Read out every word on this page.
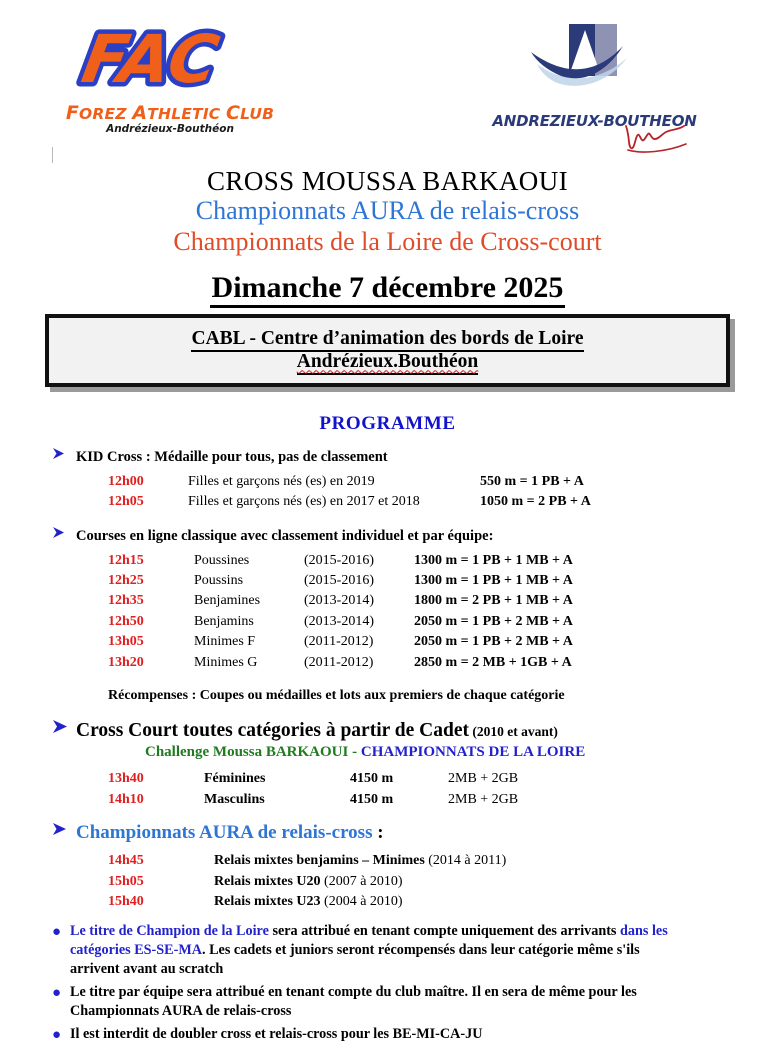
FAC
FOREZ ATHLETIC CLUB
Andrézieux-Bouthéon	ANDREZIEUX-BOUTHEON
CROSS MOUSSA BARKAOUI
Championnats AURA de relais-cross
Championnats de la Loire de Cross-court
Dimanche 7 décembre 2025
CABL - Centre d’animation des bords de Loire
Andrézieux.Bouthéon
PROGRAMME
KID Cross : Médaille pour tous, pas de classement
12h00	Filles et garçons nés (es) en 2019	550 m = 1 PB + A
12h05	Filles et garçons nés (es) en 2017 et 2018	1050 m = 2 PB + A
Courses en ligne classique avec classement individuel et par équipe:
12h15	Poussines	(2015-2016)	1300 m = 1 PB + 1 MB + A
12h25	Poussins	(2015-2016)	1300 m = 1 PB + 1 MB + A
12h35	Benjamines	(2013-2014)	1800 m = 2 PB + 1 MB + A
12h50	Benjamins	(2013-2014)	2050 m = 1 PB + 2 MB + A
13h05	Minimes F	(2011-2012)	2050 m = 1 PB + 2 MB + A
13h20	Minimes G	(2011-2012)	2850 m = 2 MB + 1GB + A
Récompenses : Coupes ou médailles et lots aux premiers de chaque catégorie
Cross Court toutes catégories à partir de Cadet (2010 et avant)
Challenge Moussa BARKAOUI - CHAMPIONNATS DE LA LOIRE
13h40	Féminines	4150 m	2MB + 2GB
14h10	Masculins	4150 m	2MB + 2GB
Championnats AURA de relais-cross :
14h45	Relais mixtes benjamins – Minimes (2014 à 2011)
15h05	Relais mixtes U20 (2007 à 2010)
15h40	Relais mixtes U23 (2004 à 2010)
● Le titre de Champion de la Loire sera attribué en tenant compte uniquement des arrivants dans les catégories ES-SE-MA. Les cadets et juniors seront récompensés dans leur catégorie même s'ils arrivent avant au scratch
● Le titre par équipe sera attribué en tenant compte du club maître. Il en sera de même pour les Championnats AURA de relais-cross
● Il est interdit de doubler cross et relais-cross pour les BE-MI-CA-JU
